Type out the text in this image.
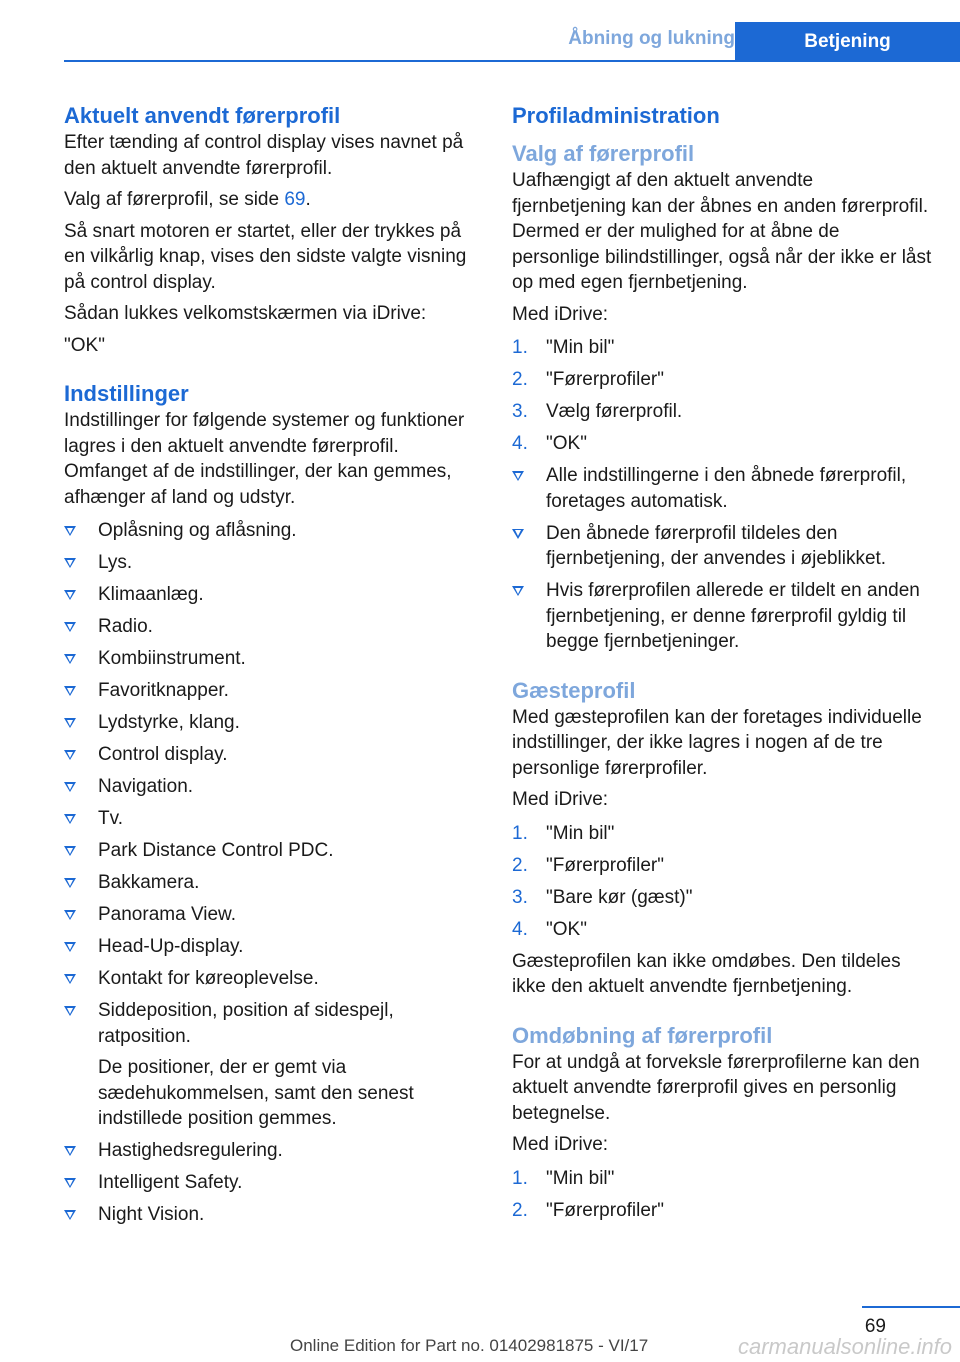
Åbning og lukning	Betjening
Aktuelt anvendt førerprofil

Efter tænding af control display vises navnet på den aktuelt anvendte førerprofil.

Valg af førerprofil, se side 69.

Så snart motoren er startet, eller der trykkes på en vilkårlig knap, vises den sidste valgte visning på control display.

Sådan lukkes velkomstskærmen via iDrive:

"OK"

Indstillinger

Indstillinger for følgende systemer og funktioner lagres i den aktuelt anvendte førerprofil. Omfanget af de indstillinger, der kan gemmes, afhænger af land og udstyr.

Oplåsning og aflåsning.
Lys.
Klimaanlæg.
Radio.
Kombiinstrument.
Favoritknapper.
Lydstyrke, klang.
Control display.
Navigation.
Tv.
Park Distance Control PDC.
Bakkamera.
Panorama View.
Head-Up-display.
Kontakt for køreoplevelse.
Siddeposition, position af sidespejl, ratposition.
De positioner, der er gemt via sædehukommelsen, samt den senest indstillede position gemmes.
Hastighedsregulering.
Intelligent Safety.
Night Vision.
Profiladministration
Valg af førerprofil

Uafhængigt af den aktuelt anvendte fjernbetjening kan der åbnes en anden førerprofil. Dermed er der mulighed for at åbne de personlige bilindstillinger, også når der ikke er låst op med egen fjernbetjening.

Med iDrive:

1. "Min bil"
2. "Førerprofiler"
3. Vælg førerprofil.
4. "OK"
Alle indstillingerne i den åbnede førerprofil, foretages automatisk.
Den åbnede førerprofil tildeles den fjernbetjening, der anvendes i øjeblikket.
Hvis førerprofilen allerede er tildelt en anden fjernbetjening, er denne førerprofil gyldig til begge fjernbetjeninger.
Gæsteprofil

Med gæsteprofilen kan der foretages individuelle indstillinger, der ikke lagres i nogen af de tre personlige førerprofiler.

Med iDrive:

1. "Min bil"
2. "Førerprofiler"
3. "Bare kør (gæst)"
4. "OK"

Gæsteprofilen kan ikke omdøbes. Den tildeles ikke den aktuelt anvendte fjernbetjening.

Omdøbning af førerprofil

For at undgå at forveksle førerprofilerne kan den aktuelt anvendte førerprofil gives en personlig betegnelse.

Med iDrive:

1. "Min bil"
2. "Førerprofiler"
69
Online Edition for Part no. 01402981875 - VI/17	carmanualsonline.info
